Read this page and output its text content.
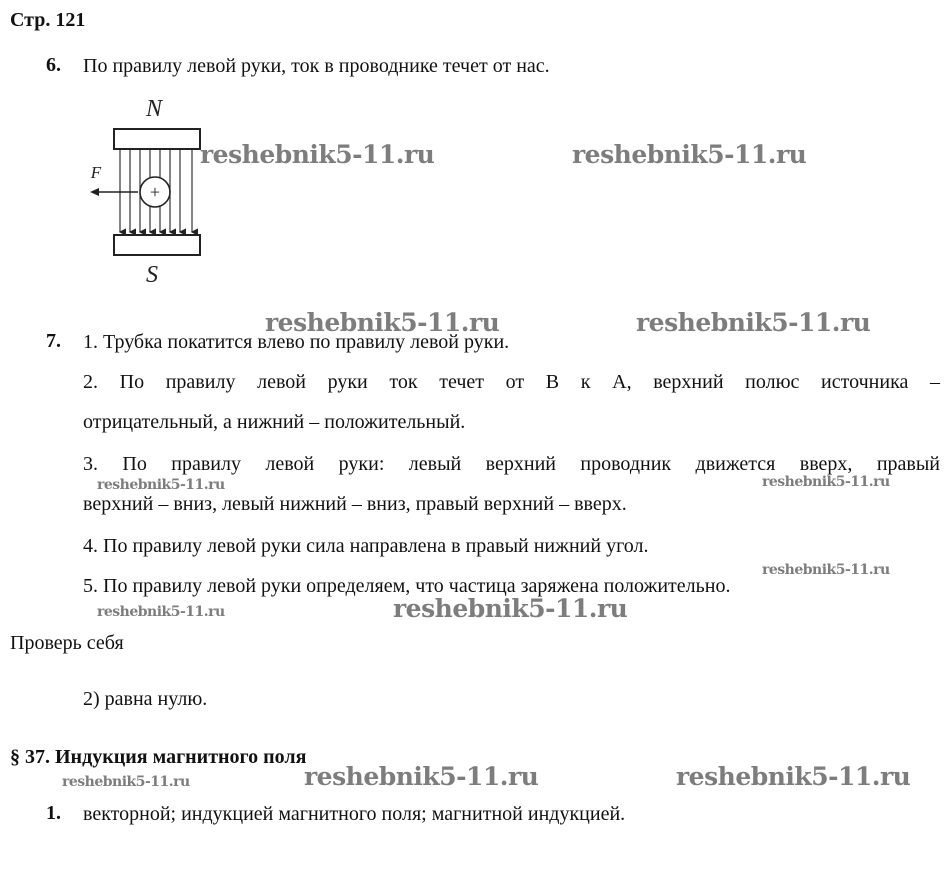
Стр. 121
6. По правилу левой руки, ток в проводнике течет от нас.
N
+
F
S
7. 1. Трубка покатится влево по правилу левой руки.
2. По правилу левой руки ток течет от В к А, верхний полюс источника –
отрицательный, а нижний – положительный.
3. По правилу левой руки: левый верхний проводник движется вверх, правый
верхний – вниз, левый нижний – вниз, правый верхний – вверх.
4. По правилу левой руки сила направлена в правый нижний угол.
5. По правилу левой руки определяем, что частица заряжена положительно.
Проверь себя
2) равна нулю.
§ 37. Индукция магнитного поля
1. векторной; индукцией магнитного поля; магнитной индукцией.
reshebnik5-11.ru	reshebnik5-11.ru
reshebnik5-11.ru	reshebnik5-11.ru
reshebnik5-11.ru	reshebnik5-11.ru
reshebnik5-11.ru
reshebnik5-11.ru	reshebnik5-11.ru
reshebnik5-11.ru	reshebnik5-11.ru	reshebnik5-11.ru
